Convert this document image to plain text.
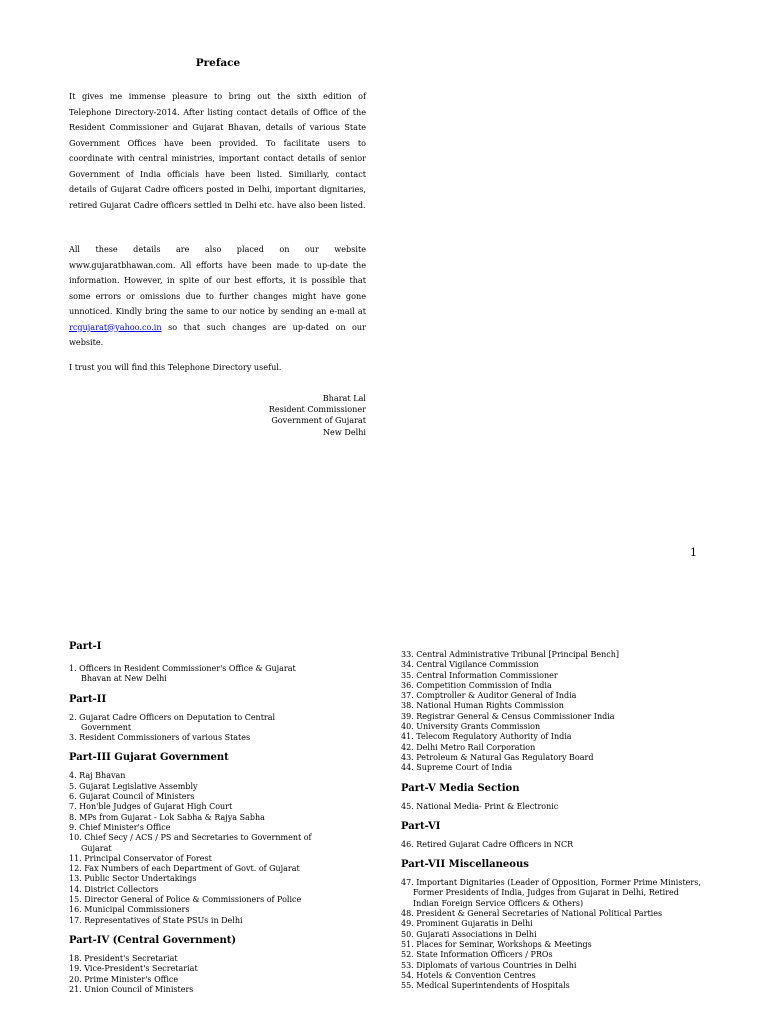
Preface

It gives me immense pleasure to bring out the sixth edition of Telephone Directory-2014. After listing contact details of Office of the Resident Commissioner and Gujarat Bhavan, details of various State Government Offices have been provided. To facilitate users to coordinate with central ministries, important contact details of senior Government of India officials have been listed. Similiarly, contact details of Gujarat Cadre officers posted in Delhi, important dignitaries, retired Gujarat Cadre officers settled in Delhi etc. have also been listed.

All these details are also placed on our website www.gujaratbhawan.com. All efforts have been made to up-date the information. However, in spite of our best efforts, it is possible that some errors or omissions due to further changes might have gone unnoticed. Kindly bring the same to our notice by sending an e-mail at rcgujarat@yahoo.co.in so that such changes are up-dated on our website.

I trust you will find this Telephone Directory useful.

Bharat Lal
Resident Commissioner
Government of Gujarat
New Delhi
1
Part-I
1. Officers in Resident Commissioner's Office & Gujarat Bhavan at New Delhi
Part-II
2. Gujarat Cadre Officers on Deputation to Central Government
3. Resident Commissioners of various States
Part-III Gujarat Government
4. Raj Bhavan
5. Gujarat Legislative Assembly
6. Gujarat Council of Ministers
7. Hon'ble Judges of Gujarat High Court
8. MPs from Gujarat - Lok Sabha & Rajya Sabha
9. Chief Minister's Office
10. Chief Secy / ACS / PS and Secretaries to Government of Gujarat
11. Principal Conservator of Forest
12. Fax Numbers of each Department of Govt. of Gujarat
13. Public Sector Undertakings
14. District Collectors
15. Director General of Police & Commissioners of Police
16. Municipal Commissioners
17. Representatives of State PSUs in Delhi
Part-IV (Central Government)
18. President's Secretariat
19. Vice-President's Secretariat
20. Prime Minister's Office
21. Union Council of Ministers
33. Central Administrative Tribunal [Principal Bench]
34. Central Vigilance Commission
35. Central Information Commissioner
36. Competition Commission of India
37. Comptroller & Auditor General of India
38. National Human Rights Commission
39. Registrar General & Census Commissioner India
40. University Grants Commission
41. Telecom Regulatory Authority of India
42. Delhi Metro Rail Corporation
43. Petroleum & Natural Gas Regulatory Board
44. Supreme Court of India
Part-V Media Section
45. National Media- Print & Electronic
Part-VI
46. Retired Gujarat Cadre Officers in NCR
Part-VII Miscellaneous
47. Important Dignitaries (Leader of Opposition, Former Prime Ministers, Former Presidents of India, Judges from Gujarat in Delhi, Retired Indian Foreign Service Officers & Others)
48. President & General Secretaries of National Political Parties
49. Prominent Gujaratis in Delhi
50. Gujarati Associations in Delhi
51. Places for Seminar, Workshops & Meetings
52. State Information Officers / PROs
53. Diplomats of various Countries in Delhi
54. Hotels & Convention Centres
55. Medical Superintendents of Hospitals
